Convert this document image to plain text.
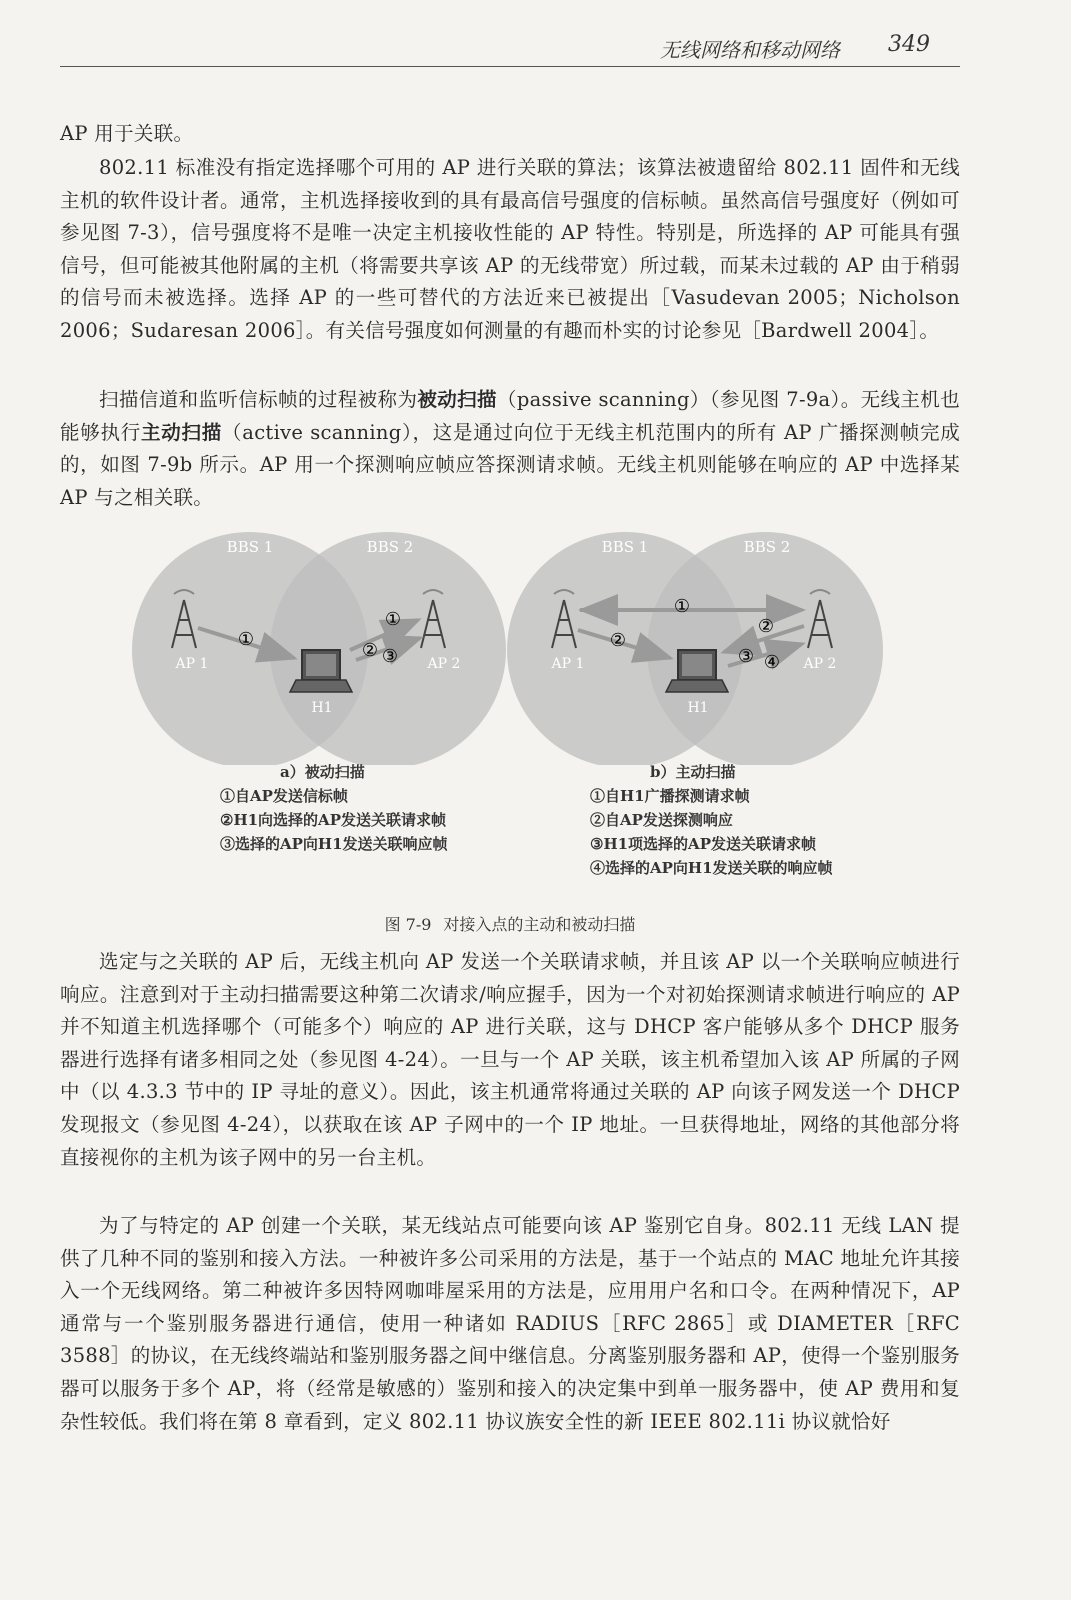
无线网络和移动网络 349

AP 用于关联。

802.11 标准没有指定选择哪个可用的 AP 进行关联的算法；该算法被遗留给 802.11 固件和无线主机的软件设计者。通常，主机选择接收到的具有最高信号强度的信标帧。虽然高信号强度好（例如可参见图 7-3），信号强度将不是唯一决定主机接收性能的 AP 特性。特别是，所选择的 AP 可能具有强信号，但可能被其他附属的主机（将需要共享该 AP 的无线带宽）所过载，而某未过载的 AP 由于稍弱的信号而未被选择。选择 AP 的一些可替代的方法近来已被提出［Vasudevan 2005；Nicholson 2006；Sudaresan 2006］。有关信号强度如何测量的有趣而朴实的讨论参见［Bardwell 2004］。

扫描信道和监听信标帧的过程被称为被动扫描（passive scanning）（参见图 7-9a）。无线主机也能够执行主动扫描（active scanning），这是通过向位于无线主机范围内的所有 AP 广播探测帧完成的，如图 7-9b 所示。AP 用一个探测响应帧应答探测请求帧。无线主机则能够在响应的 AP 中选择某 AP 与之相关联。

BBS 1	BBS 2
AP 1	AP 2
H1
①
①
② ③
BBS 1	BBS 2
AP 1	AP 2
H1
①
②
②
③ ④
a）被动扫描
①自AP发送信标帧
②H1向选择的AP发送关联请求帧
③选择的AP向H1发送关联响应帧
b）主动扫描
①自H1广播探测请求帧
②自AP发送探测响应
③H1项选择的AP发送关联请求帧
④选择的AP向H1发送关联的响应帧
图 7-9 对接入点的主动和被动扫描

选定与之关联的 AP 后，无线主机向 AP 发送一个关联请求帧，并且该 AP 以一个关联响应帧进行响应。注意到对于主动扫描需要这种第二次请求/响应握手，因为一个对初始探测请求帧进行响应的 AP 并不知道主机选择哪个（可能多个）响应的 AP 进行关联，这与 DHCP 客户能够从多个 DHCP 服务器进行选择有诸多相同之处（参见图 4-24）。一旦与一个 AP 关联，该主机希望加入该 AP 所属的子网中（以 4.3.3 节中的 IP 寻址的意义）。因此，该主机通常将通过关联的 AP 向该子网发送一个 DHCP 发现报文（参见图 4-24），以获取在该 AP 子网中的一个 IP 地址。一旦获得地址，网络的其他部分将直接视你的主机为该子网中的另一台主机。

为了与特定的 AP 创建一个关联，某无线站点可能要向该 AP 鉴别它自身。802.11 无线 LAN 提供了几种不同的鉴别和接入方法。一种被许多公司采用的方法是，基于一个站点的 MAC 地址允许其接入一个无线网络。第二种被许多因特网咖啡屋采用的方法是，应用用户名和口令。在两种情况下，AP 通常与一个鉴别服务器进行通信，使用一种诸如 RADIUS［RFC 2865］或 DIAMETER［RFC 3588］的协议，在无线终端站和鉴别服务器之间中继信息。分离鉴别服务器和 AP，使得一个鉴别服务器可以服务于多个 AP，将（经常是敏感的）鉴别和接入的决定集中到单一服务器中，使 AP 费用和复杂性较低。我们将在第 8 章看到，定义 802.11 协议族安全性的新 IEEE 802.11i 协议就恰好
